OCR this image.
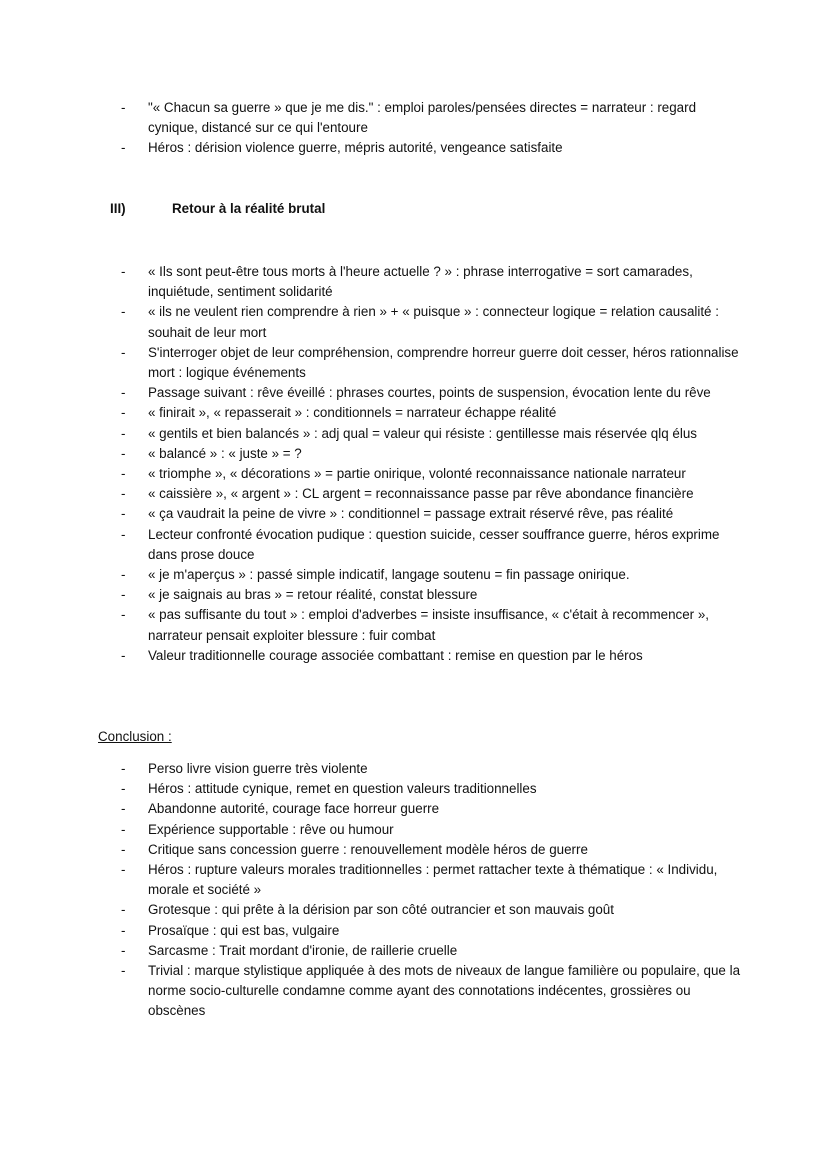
-	"« Chacun sa guerre » que je me dis." : emploi paroles/pensées directes = narrateur : regard cynique, distancé sur ce qui l'entoure
-	Héros : dérision violence guerre, mépris autorité, vengeance satisfaite
III)	Retour à la réalité brutal
-	« Ils sont peut-être tous morts à l'heure actuelle ? » : phrase interrogative = sort camarades, inquiétude, sentiment solidarité
-	« ils ne veulent rien comprendre à rien » + « puisque » : connecteur logique = relation causalité : souhait de leur mort
-	S'interroger objet de leur compréhension, comprendre horreur guerre doit cesser, héros rationnalise mort : logique événements
-	Passage suivant : rêve éveillé : phrases courtes, points de suspension, évocation lente du rêve
-	« finirait », « repasserait » : conditionnels = narrateur échappe réalité
-	« gentils et bien balancés » : adj qual = valeur qui résiste : gentillesse mais réservée qlq élus
-	« balancé » : « juste » = ?
-	« triomphe », « décorations » = partie onirique, volonté reconnaissance nationale narrateur
-	« caissière », « argent » : CL argent = reconnaissance passe par rêve abondance financière
-	« ça vaudrait la peine de vivre » : conditionnel = passage extrait réservé rêve, pas réalité
-	Lecteur confronté évocation pudique : question suicide, cesser souffrance guerre, héros exprime dans prose douce
-	« je m'aperçus » : passé simple indicatif, langage soutenu = fin passage onirique.
-	« je saignais au bras » = retour réalité, constat blessure
-	« pas suffisante du tout » : emploi d'adverbes = insiste insuffisance, « c'était à recommencer », narrateur pensait exploiter blessure : fuir combat
-	Valeur traditionnelle courage associée combattant : remise en question par le héros
Conclusion :
-	Perso livre vision guerre très violente
-	Héros : attitude cynique, remet en question valeurs traditionnelles
-	Abandonne autorité, courage face horreur guerre
-	Expérience supportable : rêve ou humour
-	Critique sans concession guerre : renouvellement modèle héros de guerre
-	Héros : rupture valeurs morales traditionnelles : permet rattacher texte à thématique : « Individu, morale et société »
-	Grotesque : qui prête à la dérision par son côté outrancier et son mauvais goût
-	Prosaïque : qui est bas, vulgaire
-	Sarcasme : Trait mordant d'ironie, de raillerie cruelle
-	Trivial : marque stylistique appliquée à des mots de niveaux de langue familière ou populaire, que la norme socio-culturelle condamne comme ayant des connotations indécentes, grossières ou obscènes
